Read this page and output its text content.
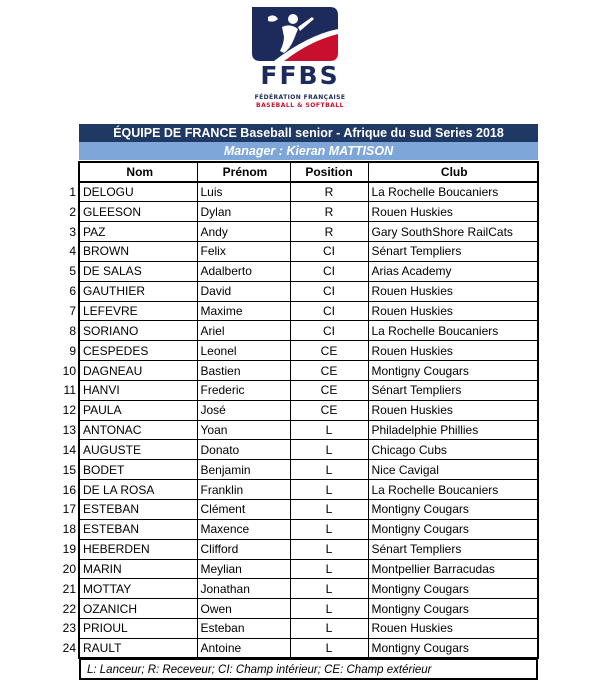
FFBS
FÉDÉRATION FRANÇAISE
BASEBALL & SOFTBALL
ÉQUIPE DE FRANCE Baseball senior - Afrique du sud Series 2018
Manager : Kieran MATTISON
	Nom	Prénom	Position	Club
1	DELOGU	Luis	R	La Rochelle Boucaniers
2	GLEESON	Dylan	R	Rouen Huskies
3	PAZ	Andy	R	Gary SouthShore RailCats
4	BROWN	Felix	CI	Sénart Templiers
5	DE SALAS	Adalberto	CI	Arias Academy
6	GAUTHIER	David	CI	Rouen Huskies
7	LEFEVRE	Maxime	CI	Rouen Huskies
8	SORIANO	Ariel	CI	La Rochelle Boucaniers
9	CESPEDES	Leonel	CE	Rouen Huskies
10	DAGNEAU	Bastien	CE	Montigny Cougars
11	HANVI	Frederic	CE	Sénart Templiers
12	PAULA	José	CE	Rouen Huskies
13	ANTONAC	Yoan	L	Philadelphie Phillies
14	AUGUSTE	Donato	L	Chicago Cubs
15	BODET	Benjamin	L	Nice Cavigal
16	DE LA ROSA	Franklin	L	La Rochelle Boucaniers
17	ESTEBAN	Clément	L	Montigny Cougars
18	ESTEBAN	Maxence	L	Montigny Cougars
19	HEBERDEN	Clifford	L	Sénart Templiers
20	MARIN	Meylian	L	Montpellier Barracudas
21	MOTTAY	Jonathan	L	Montigny Cougars
22	OZANICH	Owen	L	Montigny Cougars
23	PRIOUL	Esteban	L	Rouen Huskies
24	RAULT	Antoine	L	Montigny Cougars
L: Lanceur; R: Receveur; CI: Champ intérieur; CE: Champ extérieur
